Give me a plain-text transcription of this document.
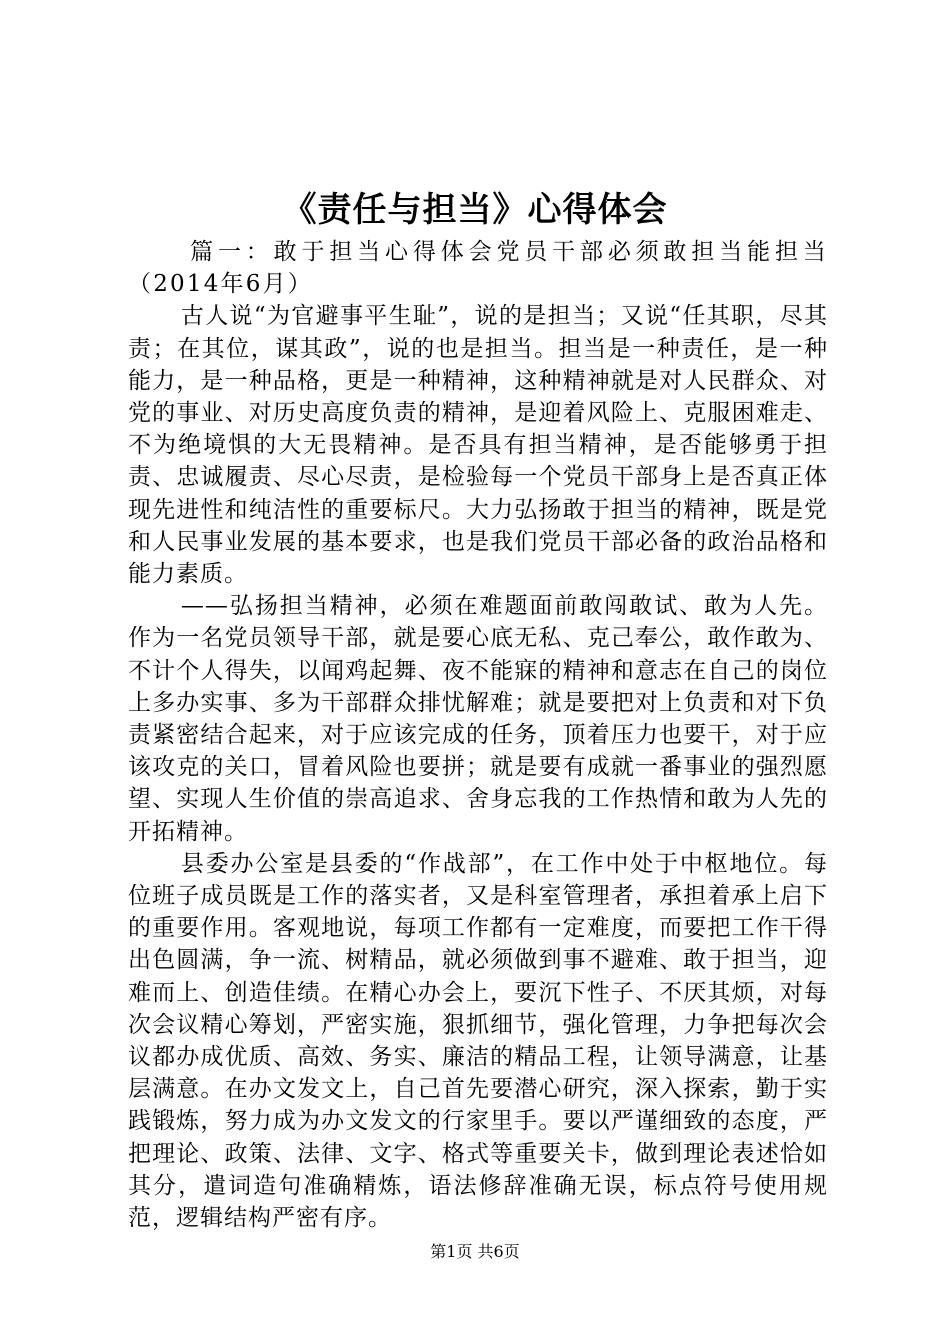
《责任与担当》心得体会

篇一：敢于担当心得体会党员干部必须敢担当能担当（2014年6月）

古人说“为官避事平生耻”，说的是担当；又说“任其职，尽其责；在其位，谋其政”，说的也是担当。担当是一种责任，是一种能力，是一种品格，更是一种精神，这种精神就是对人民群众、对党的事业、对历史高度负责的精神，是迎着风险上、克服困难走、不为绝境惧的大无畏精神。是否具有担当精神，是否能够勇于担责、忠诚履责、尽心尽责，是检验每一个党员干部身上是否真正体现先进性和纯洁性的重要标尺。大力弘扬敢于担当的精神，既是党和人民事业发展的基本要求，也是我们党员干部必备的政治品格和能力素质。

——弘扬担当精神，必须在难题面前敢闯敢试、敢为人先。作为一名党员领导干部，就是要心底无私、克己奉公，敢作敢为、不计个人得失，以闻鸡起舞、夜不能寐的精神和意志在自己的岗位上多办实事、多为干部群众排忧解难；就是要把对上负责和对下负责紧密结合起来，对于应该完成的任务，顶着压力也要干，对于应该攻克的关口，冒着风险也要拼；就是要有成就一番事业的强烈愿望、实现人生价值的崇高追求、舍身忘我的工作热情和敢为人先的开拓精神。

县委办公室是县委的“作战部”，在工作中处于中枢地位。每位班子成员既是工作的落实者，又是科室管理者，承担着承上启下的重要作用。客观地说，每项工作都有一定难度，而要把工作干得出色圆满，争一流、树精品，就必须做到事不避难、敢于担当，迎难而上、创造佳绩。在精心办会上，要沉下性子、不厌其烦，对每次会议精心筹划，严密实施，狠抓细节，强化管理，力争把每次会议都办成优质、高效、务实、廉洁的精品工程，让领导满意，让基层满意。在办文发文上，自己首先要潜心研究，深入探索，勤于实践锻炼，努力成为办文发文的行家里手。要以严谨细致的态度，严把理论、政策、法律、文字、格式等重要关卡，做到理论表述恰如其分，遣词造句准确精炼，语法修辞准确无误，标点符号使用规范，逻辑结构严密有序。

第1页 共6页
